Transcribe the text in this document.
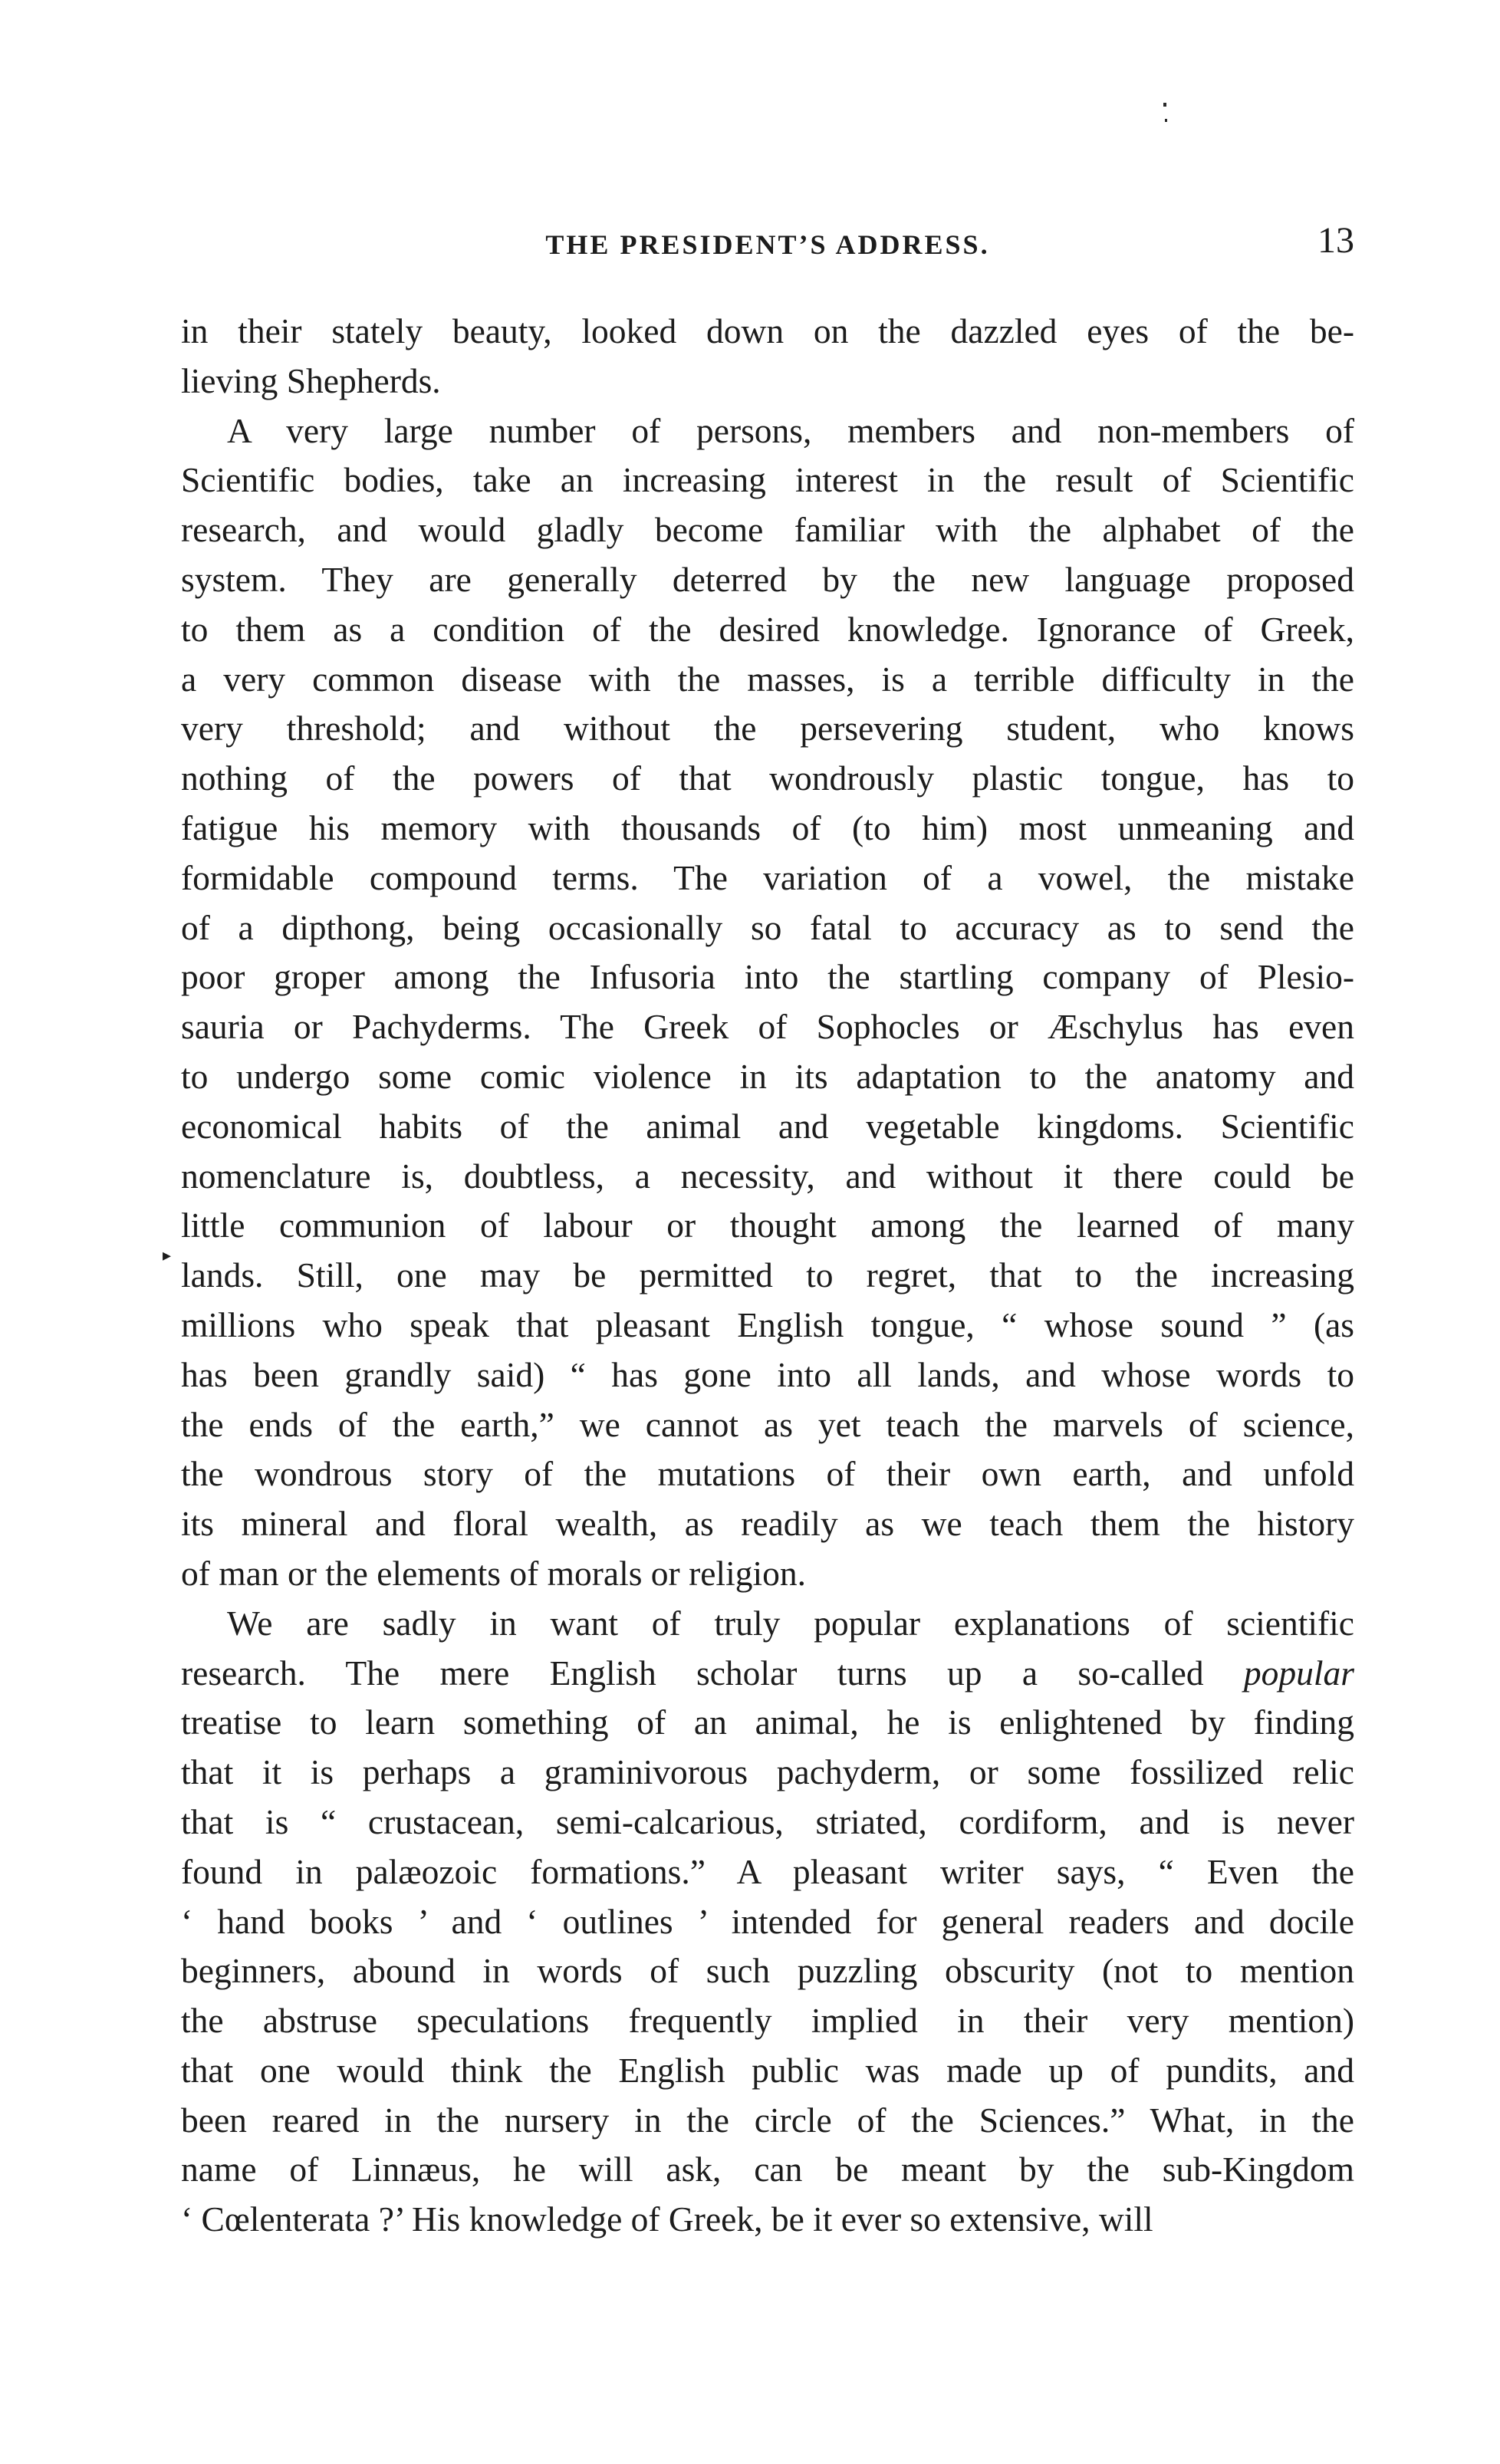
THE PRESIDENT’S ADDRESS.	13
▸
in their stately beauty, looked down on the dazzled eyes of the be-
lieving Shepherds.
A very large number of persons, members and non-members of
Scientific bodies, take an increasing interest in the result of Scientific
research, and would gladly become familiar with the alphabet of the
system. They are generally deterred by the new language proposed
to them as a condition of the desired knowledge. Ignorance of Greek,
a very common disease with the masses, is a terrible difficulty in the
very threshold; and without the persevering student, who knows
nothing of the powers of that wondrously plastic tongue, has to
fatigue his memory with thousands of (to him) most unmeaning and
formidable compound terms. The variation of a vowel, the mistake
of a dipthong, being occasionally so fatal to accuracy as to send the
poor groper among the Infusoria into the startling company of Plesio-
sauria or Pachyderms. The Greek of Sophocles or Æschylus has even
to undergo some comic violence in its adaptation to the anatomy and
economical habits of the animal and vegetable kingdoms. Scientific
nomenclature is, doubtless, a necessity, and without it there could be
little communion of labour or thought among the learned of many
lands. Still, one may be permitted to regret, that to the increasing
millions who speak that pleasant English tongue, “ whose sound ” (as
has been grandly said) “ has gone into all lands, and whose words to
the ends of the earth,” we cannot as yet teach the marvels of science,
the wondrous story of the mutations of their own earth, and unfold
its mineral and floral wealth, as readily as we teach them the history
of man or the elements of morals or religion.
We are sadly in want of truly popular explanations of scientific
research. The mere English scholar turns up a so-called popular
treatise to learn something of an animal, he is enlightened by finding
that it is perhaps a graminivorous pachyderm, or some fossilized relic
that is “ crustacean, semi-calcarious, striated, cordiform, and is never
found in palæozoic formations.” A pleasant writer says, “ Even the
‘ hand books ’ and ‘ outlines ’ intended for general readers and docile
beginners, abound in words of such puzzling obscurity (not to mention
the abstruse speculations frequently implied in their very mention)
that one would think the English public was made up of pundits, and
been reared in the nursery in the circle of the Sciences.” What, in the
name of Linnæus, he will ask, can be meant by the sub-Kingdom
‘ Cœlenterata ?’ His knowledge of Greek, be it ever so extensive, will
